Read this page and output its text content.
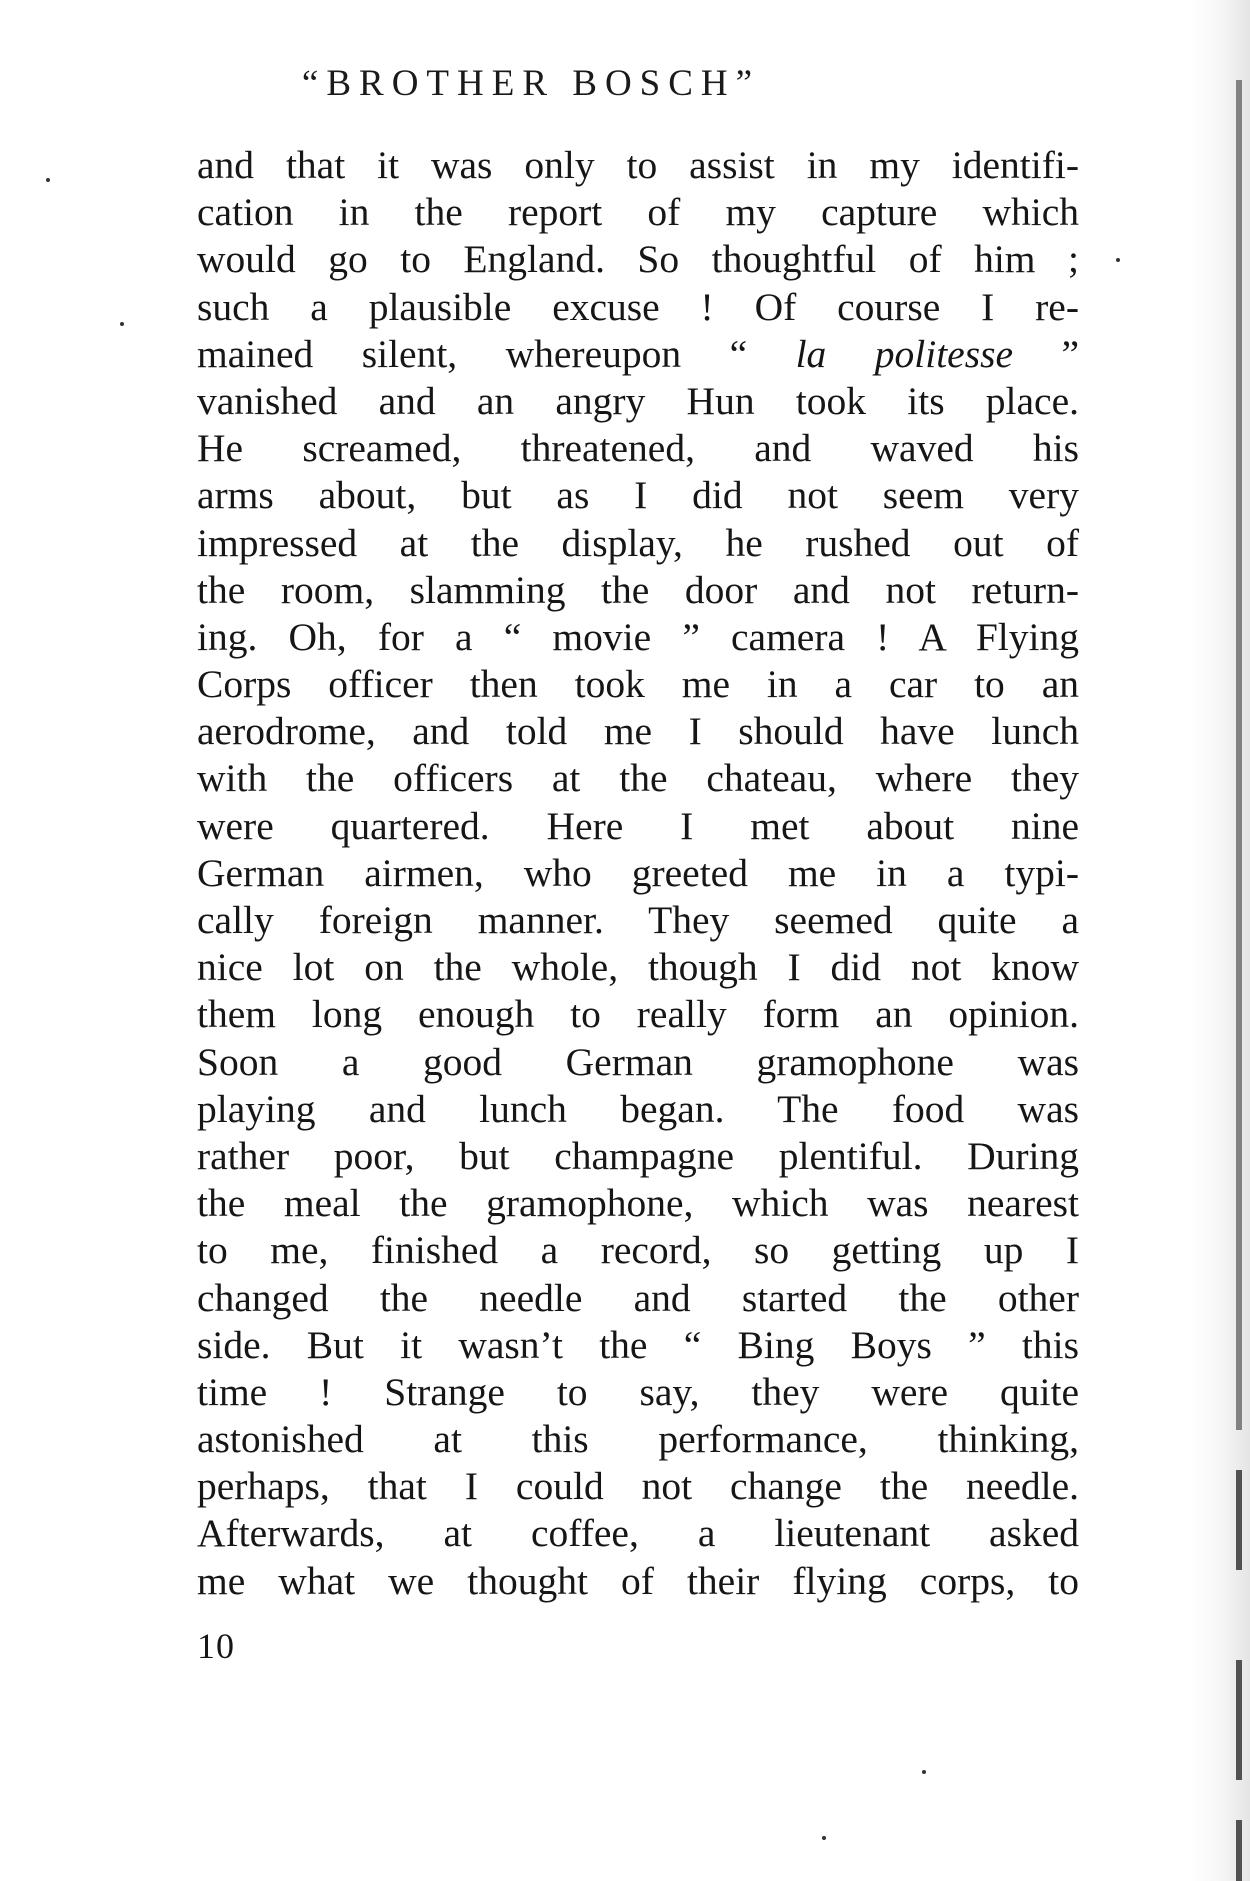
“BROTHER BOSCH”
and that it was only to assist in my identifi-
cation in the report of my capture which
would go to England. So thoughtful of him ;
such a plausible excuse ! Of course I re-
mained silent, whereupon “ la politesse ”
vanished and an angry Hun took its place.
He screamed, threatened, and waved his
arms about, but as I did not seem very
impressed at the display, he rushed out of
the room, slamming the door and not return-
ing. Oh, for a “ movie ” camera ! A Flying
Corps officer then took me in a car to an
aerodrome, and told me I should have lunch
with the officers at the chateau, where they
were quartered. Here I met about nine
German airmen, who greeted me in a typi-
cally foreign manner. They seemed quite a
nice lot on the whole, though I did not know
them long enough to really form an opinion.
Soon a good German gramophone was
playing and lunch began. The food was
rather poor, but champagne plentiful. During
the meal the gramophone, which was nearest
to me, finished a record, so getting up I
changed the needle and started the other
side. But it wasn’t the “ Bing Boys ” this
time ! Strange to say, they were quite
astonished at this performance, thinking,
perhaps, that I could not change the needle.
Afterwards, at coffee, a lieutenant asked
me what we thought of their flying corps, to
10
